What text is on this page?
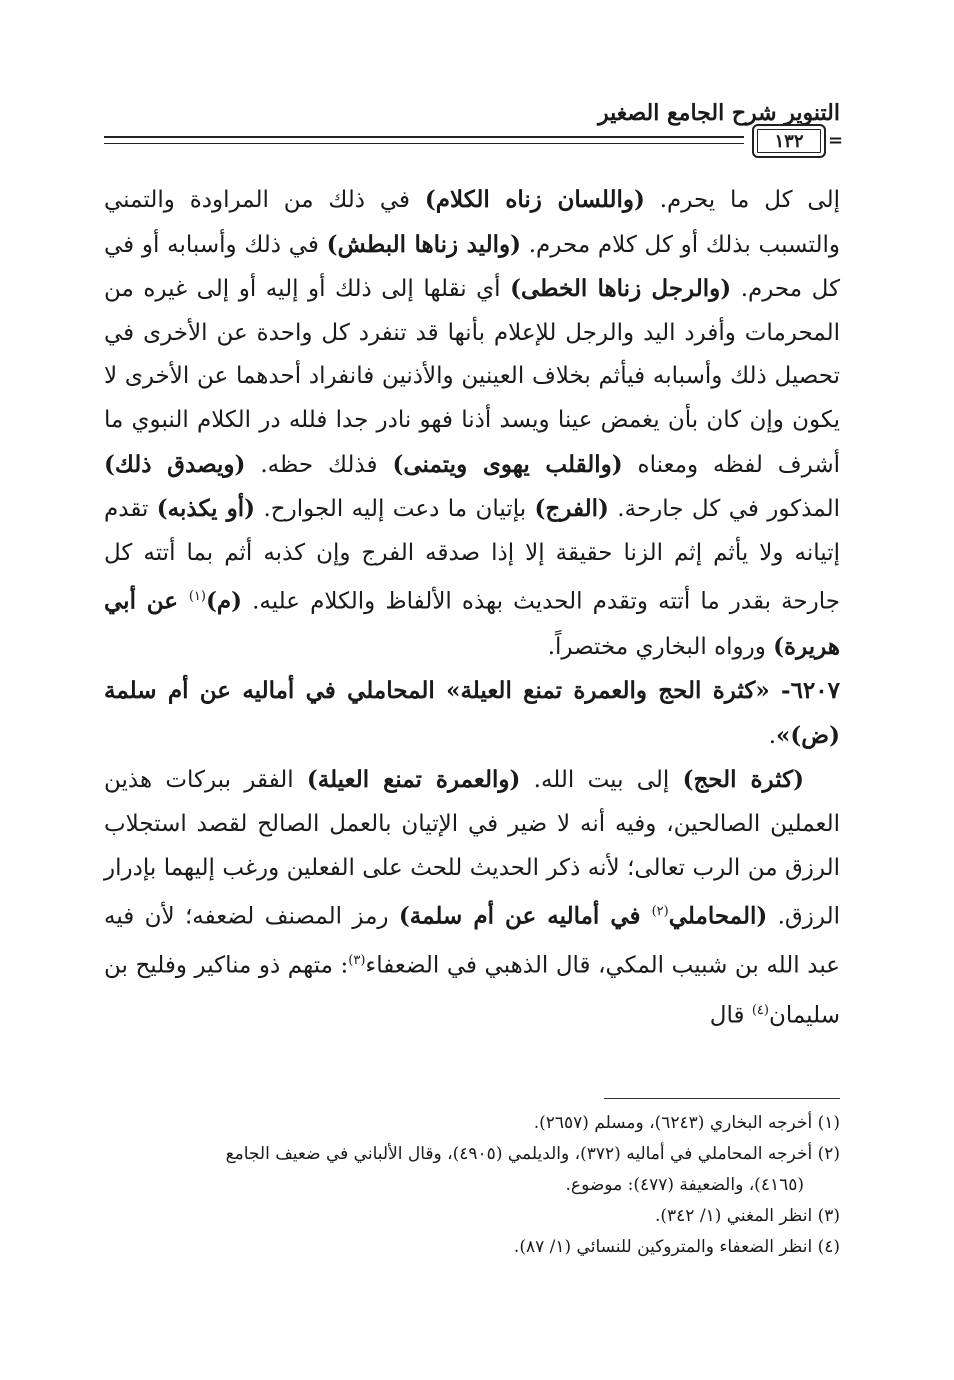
التنوير شرح الجامع الصغير
١٣٢	=

إلى كل ما يحرم. (واللسان زناه الكلام) في ذلك من المراودة والتمني والتسبب بذلك أو كل كلام محرم. (واليد زناها البطش) في ذلك وأسبابه أو في كل محرم. (والرجل زناها الخطى) أي نقلها إلى ذلك أو إليه أو إلى غيره من المحرمات وأفرد اليد والرجل للإعلام بأنها قد تنفرد كل واحدة عن الأخرى في تحصيل ذلك وأسبابه فيأثم بخلاف العينين والأذنين فانفراد أحدهما عن الأخرى لا يكون وإن كان بأن يغمض عينا ويسد أذنا فهو نادر جدا فلله در الكلام النبوي ما أشرف لفظه ومعناه (والقلب يهوى ويتمنى) فذلك حظه. (ويصدق ذلك) المذكور في كل جارحة. (الفرج) بإتيان ما دعت إليه الجوارح. (أو يكذبه) تقدم إتيانه ولا يأثم إثم الزنا حقيقة إلا إذا صدقه الفرج وإن كذبه أثم بما أتته كل جارحة بقدر ما أتته وتقدم الحديث بهذه الألفاظ والكلام عليه. (م)$^{(١)}$ عن أبي هريرة) ورواه البخاري مختصراً.

٦٢٠٧- «كثرة الحج والعمرة تمنع العيلة» المحاملي في أماليه عن أم سلمة (ض)».

(كثرة الحج) إلى بيت الله. (والعمرة تمنع العيلة) الفقر ببركات هذين العملين الصالحين، وفيه أنه لا ضير في الإتيان بالعمل الصالح لقصد استجلاب الرزق من الرب تعالى؛ لأنه ذكر الحديث للحث على الفعلين ورغب إليهما بإدرار الرزق. (المحاملي$^{(٢)}$ في أماليه عن أم سلمة) رمز المصنف لضعفه؛ لأن فيه عبد الله بن شبيب المكي، قال الذهبي في الضعفاء$^{(٣)}$: متهم ذو مناكير وفليح بن سليمان$^{(٤)}$ قال

(١) أخرجه البخاري (٦٢٤٣)، ومسلم (٢٦٥٧).

(٢) أخرجه المحاملي في أماليه (٣٧٢)، والديلمي (٤٩٠٥)، وقال الألباني في ضعيف الجامع

(٤١٦٥)، والضعيفة (٤٧٧): موضوع.

(٣) انظر المغني (١/ ٣٤٢).

(٤) انظر الضعفاء والمتروكين للنسائي (١/ ٨٧).
